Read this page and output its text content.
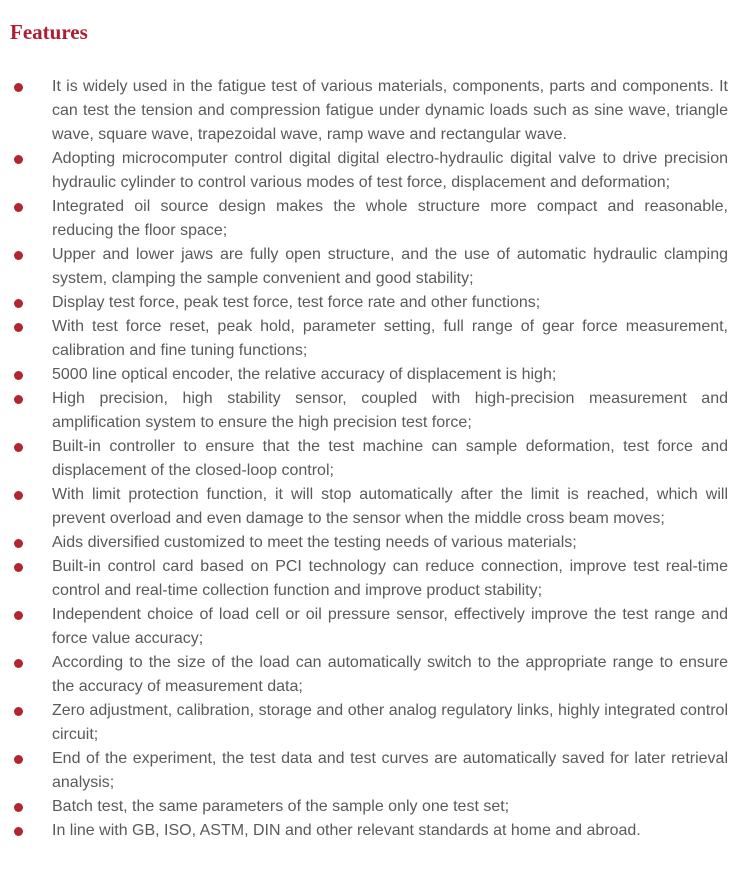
Features
It is widely used in the fatigue test of various materials, components, parts and components. It can test the tension and compression fatigue under dynamic loads such as sine wave, triangle wave, square wave, trapezoidal wave, ramp wave and rectangular wave.
Adopting microcomputer control digital digital electro-hydraulic digital valve to drive precision hydraulic cylinder to control various modes of test force, displacement and deformation;
Integrated oil source design makes the whole structure more compact and reasonable, reducing the floor space;
Upper and lower jaws are fully open structure, and the use of automatic hydraulic clamping system, clamping the sample convenient and good stability;
Display test force, peak test force, test force rate and other functions;
With test force reset, peak hold, parameter setting, full range of gear force measurement, calibration and fine tuning functions;
5000 line optical encoder, the relative accuracy of displacement is high;
High precision, high stability sensor, coupled with high-precision measurement and amplification system to ensure the high precision test force;
Built-in controller to ensure that the test machine can sample deformation, test force and displacement of the closed-loop control;
With limit protection function, it will stop automatically after the limit is reached, which will prevent overload and even damage to the sensor when the middle cross beam moves;
Aids diversified customized to meet the testing needs of various materials;
Built-in control card based on PCI technology can reduce connection, improve test real-time control and real-time collection function and improve product stability;
Independent choice of load cell or oil pressure sensor, effectively improve the test range and force value accuracy;
According to the size of the load can automatically switch to the appropriate range to ensure the accuracy of measurement data;
Zero adjustment, calibration, storage and other analog regulatory links, highly integrated control circuit;
End of the experiment, the test data and test curves are automatically saved for later retrieval analysis;
Batch test, the same parameters of the sample only one test set;
In line with GB, ISO, ASTM, DIN and other relevant standards at home and abroad.
